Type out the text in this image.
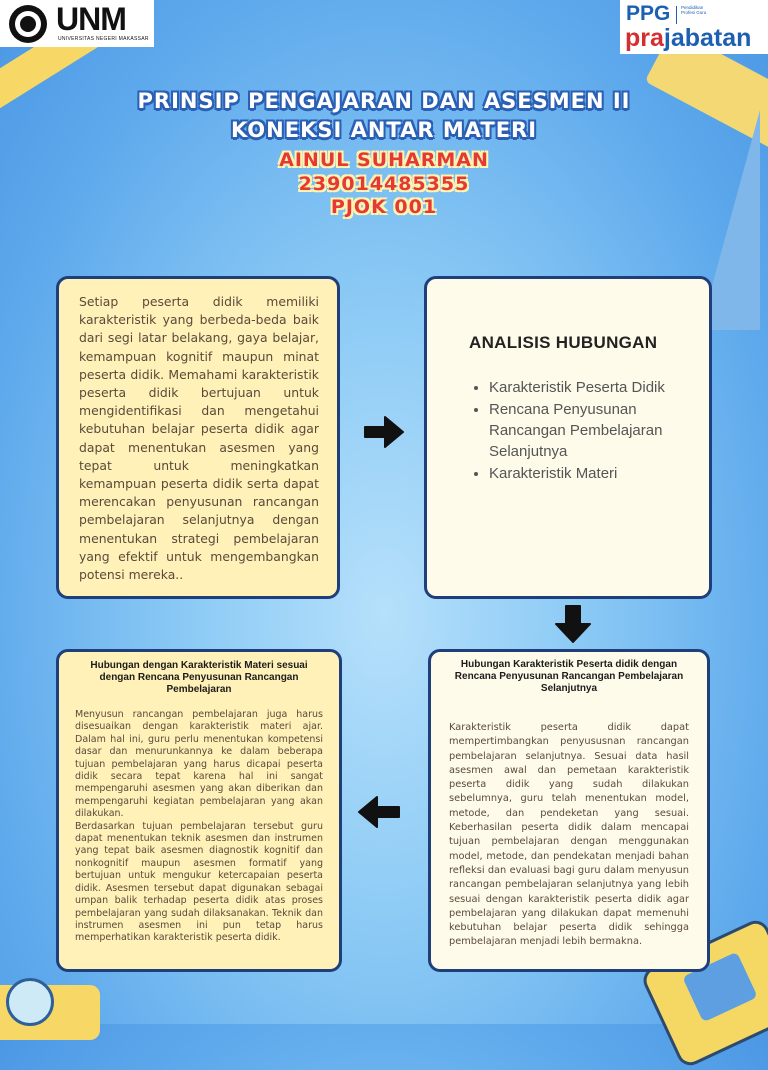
UNM
UNIVERSITAS NEGERI MAKASSAR
PPG Pendidikan Profesi Guru
prajabatan
PRINSIP PENGAJARAN DAN ASESMEN II
KONEKSI ANTAR MATERI
AINUL SUHARMAN
239014485355
PJOK 001
Setiap peserta didik memiliki karakteristik yang berbeda-beda baik dari segi latar belakang, gaya belajar, kemampuan kognitif maupun minat peserta didik. Memahami karakteristik peserta didik bertujuan untuk mengidentifikasi dan mengetahui kebutuhan belajar peserta didik agar dapat menentukan asesmen yang tepat untuk meningkatkan kemampuan peserta didik serta dapat merencakan penyusunan rancangan pembelajaran selanjutnya dengan menentukan strategi pembelajaran yang efektif untuk mengembangkan potensi mereka..
ANALISIS HUBUNGAN
• Karakteristik Peserta Didik
• Rencana Penyusunan Rancangan Pembelajaran Selanjutnya
• Karakteristik Materi
Hubungan Karakteristik Peserta didik dengan Rencana Penyusunan Rancangan Pembelajaran Selanjutnya
Karakteristik peserta didik dapat mempertimbangkan penyususnan rancangan pembelajaran selanjutnya. Sesuai data hasil asesmen awal dan pemetaan karakteristik peserta didik yang sudah dilakukan sebelumnya, guru telah menentukan model, metode, dan pendeketan yang sesuai. Keberhasilan peserta didik dalam mencapai tujuan pembelajaran dengan menggunakan model, metode, dan pendekatan menjadi bahan refleksi dan evaluasi bagi guru dalam menyusun rancangan pembelajaran selanjutnya yang lebih sesuai dengan karakteristik peserta didik agar pembelajaran yang dilakukan dapat memenuhi kebutuhan belajar peserta didik sehingga pembelajaran menjadi lebih bermakna.
Hubungan dengan Karakteristik Materi sesuai dengan Rencana Penyusunan Rancangan Pembelajaran
Menyusun rancangan pembelajaran juga harus disesuaikan dengan karakteristik materi ajar. Dalam hal ini, guru perlu menentukan kompetensi dasar dan menurunkannya ke dalam beberapa tujuan pembelajaran yang harus dicapai peserta didik secara tepat karena hal ini sangat mempengaruhi asesmen yang akan diberikan dan mempengaruhi kegiatan pembelajaran yang akan dilakukan.
Berdasarkan tujuan pembelajaran tersebut guru dapat menentukan teknik asesmen dan instrumen yang tepat baik asesmen diagnostik kognitif dan nonkognitif maupun asesmen formatif yang bertujuan untuk mengukur ketercapaian peserta didik. Asesmen tersebut dapat digunakan sebagai umpan balik terhadap peserta didik atas proses pembelajaran yang sudah dilaksanakan. Teknik dan instrumen asesmen ini pun tetap harus memperhatikan karakteristik peserta didik.
